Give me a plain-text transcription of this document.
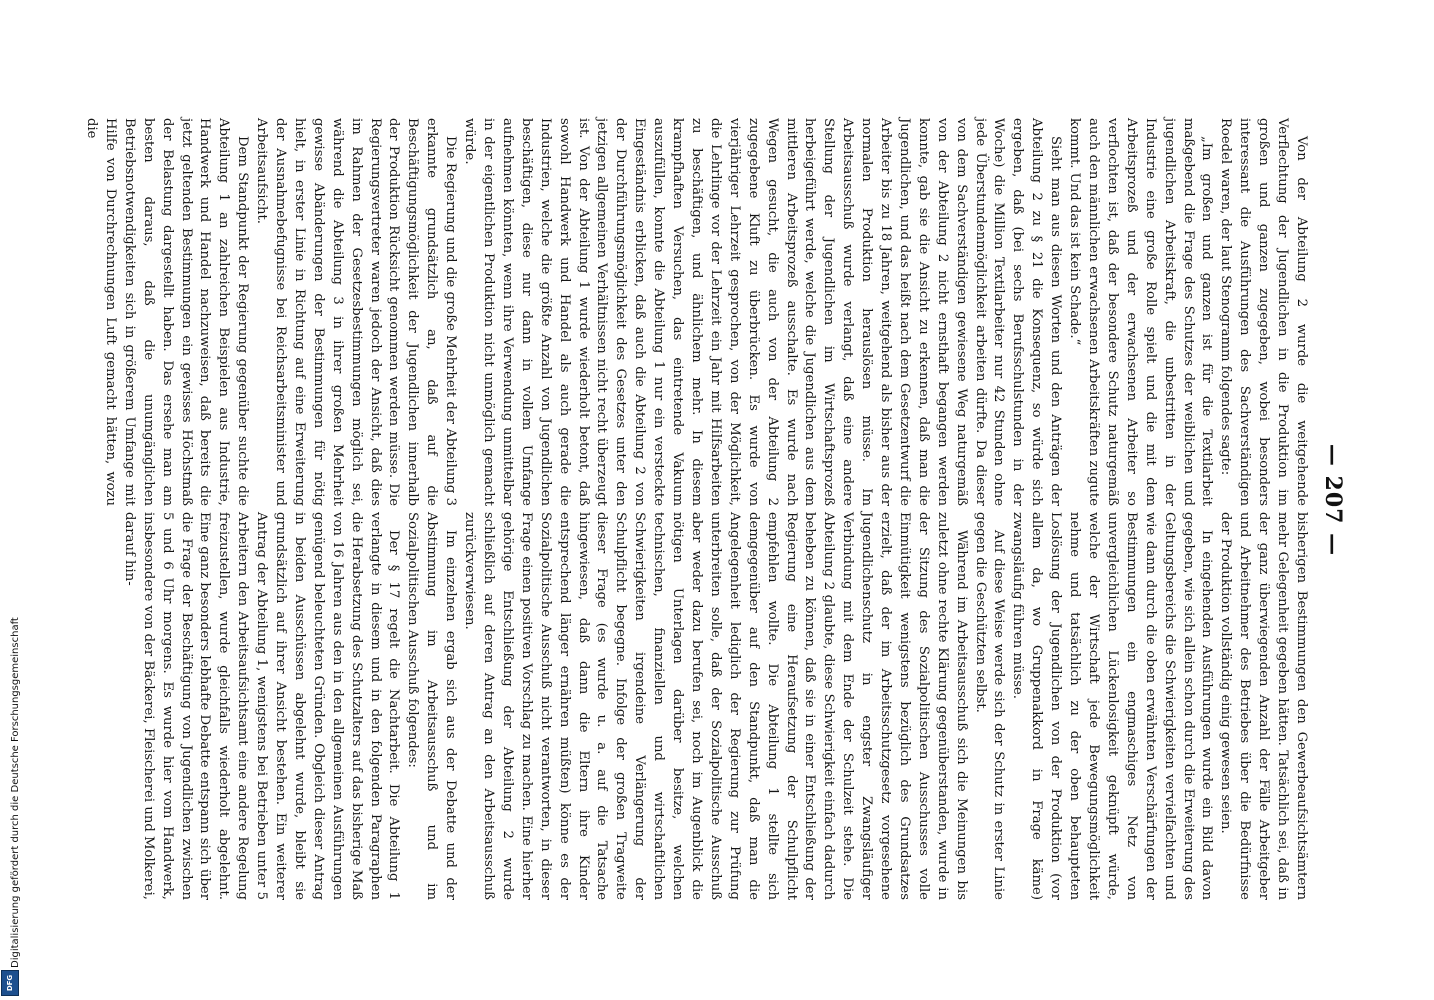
— 207 —

Von der Abteilung 2 wurde die weitgehende Verflechtung der Jugendlichen in die Produktion im großen und ganzen zugegeben, wobei besonders interessant die Ausführungen des Sachverständigen Roedel waren, der laut Stenogramm folgendes sagte:

„Im großen und ganzen ist für die Textilarbeit maßgebend die Frage des Schutzes der weiblichen und jugendlichen Arbeitskraft, die unbestritten in der Industrie eine große Rolle spielt und die mit dem Arbeitsprozeß und der erwachsenen Arbeiter so verflochten ist, daß der besondere Schutz naturgemäß auch den männlichen erwachsenen Arbeitskräften zugute kommt. Und das ist kein Schade.“

Sieht man aus diesen Worten und den Anträgen der Abteilung 2 zu § 21 die Konsequenz, so würde sich ergeben, daß (bei sechs Berufsschulstunden in der Woche) die Million Textilarbeiter nur 42 Stunden ohne jede Überstundenmöglichkeit arbeiten dürfte. Da dieser von dem Sachverständigen gewiesene Weg naturgemäß von der Abteilung 2 nicht ernsthaft begangen werden konnte, gab sie die Ansicht zu erkennen, daß man die Jugendlichen, und das heißt nach dem Gesetzentwurf die Arbeiter bis zu 18 Jahren, weitgehend als bisher aus der normalen Produktion herauslösen müsse. Im Arbeitsausschuß wurde verlangt, daß eine andere Stellung der Jugendlichen im Wirtschaftsprozeß herbeigeführt werde, welche die Jugendlichen aus dem mittleren Arbeitsprozeß ausschalte. Es wurde nach Wegen gesucht, die auch von der Abteilung 2 zugegebene Kluft zu überbrücken. Es wurde von vierjähriger Lehrzeit gesprochen, von der Möglichkeit, die Lehrlinge vor der Lehrzeit ein Jahr mit Hilfsarbeiten zu beschäftigen, und ähnlichem mehr. In diesem krampfhaften Versuchen, das eintretende Vakuum auszufüllen, konnte die Abteilung 1 nur ein versteckte Eingeständnis erblicken, daß auch die Abteilung 2 von der Durchführungsmöglichkeit des Gesetzes unter den jetzigen allgemeinen Verhältnissen nicht recht überzeugt ist. Von der Abteilung 1 wurde wiederholt betont, daß sowohl Handwerk und Handel als auch gerade die Industrien, welche die größte Anzahl von Jugendlichen beschäftigen, diese nur dann in vollem Umfange aufnehmen könnten, wenn ihre Verwendung unmittelbar in der eigentlichen Produktion nicht unmöglich gemacht würde.

Die Regierung und die große Mehrheit der Abteilung 3 erkannte grundsätzlich an, daß auf die Beschäftigungsmöglichkeit der Jugendlichen innerhalb der Produktion Rücksicht genommen werden müsse. Die Regierungsvertreter waren jedoch der Ansicht, daß dies im Rahmen der Gesetzesbestimmungen möglich sei, während die Abteilung 3 in ihrer großen Mehrheit gewisse Abänderungen der Bestimmungen für nötig hielt, in erster Linie in Richtung auf eine Erweiterung der Ausnahmebefugnisse bei Reichsarbeitsminister und Arbeitsaufsicht.

Dem Standpunkt der Regierung gegenüber suchte die Abteilung 1 an zahlreichen Beispielen aus Industrie, Handwerk und Handel nachzuweisen, daß bereits die jetzt geltenden Bestimmungen ein gewisses Höchstmaß der Belastung dargestellt haben. Das ersehe man am besten daraus, daß die unumgänglichen Betriebsnotwendigkeiten sich in größerem Umfange mit Hilfe von Durchrechnungen Luft gemacht hätten, wozu die

bisherigen Bestimmungen den Gewerbeaufsichtsämtern mehr Gelegenheit gegeben hätten. Tatsächlich sei, daß in der ganz überwiegenden Anzahl der Fälle Arbeitgeber und Arbeitnehmer des Betriebes über die Bedürfnisse der Produktion vollständig einig gewesen seien.

In eingehenden Ausführungen wurde ein Bild davon gegeben, wie sich allein schon durch die Erweiterung des Geltungsbereichs die Schwierigkeiten vervielfachten und wie dann durch die oben erwähnten Verschärfungen der Bestimmungen ein engmaschiges Netz von unvergleichlichen Lückenlosigkeit geknüpft würde, welche der Wirtschaft jede Bewegungsmöglichkeit nehme und tatsächlich zu der oben behaupteten Loslösung der Jugendlichen von der Produktion (vor allem da, wo Gruppenakkord in Frage käme) zwangsläufig führen müsse.

Auf diese Weise werde sich der Schutz in erster Linie gegen die Geschützten selbst.

Während im Arbeitsausschuß sich die Meinungen bis zuletzt ohne rechte Klärung gegenüberstanden, wurde in der Sitzung des Sozialpolitischen Ausschusses volle Einmütigkeit wenigstens bezüglich des Grundsatzes erzielt, daß der im Arbeitsschutzgesetz vorgesehene Jugendlichenschutz in engster Zwangsläufiger Verbindung mit dem Ende der Schulzeit stehe. Die Abteilung 2 glaubte, diese Schwierigkeit einfach dadurch beheben zu können, daß sie in einer Entschließung der Regierung eine Heraufsetzung der Schulpflicht empfehlen wollte. Die Abteilung 1 stellte sich demgegenüber auf den Standpunkt, daß man die Angelegenheit lediglich der Regierung zur Prüfung unterbreiten solle, daß der Sozialpolitische Ausschuß aber weder dazu berufen sei, noch im Augenblick die nötigen Unterlagen darüber besitze, welchen technischen, finanziellen und wirtschaftlichen Schwierigkeiten irgendeine Verlängerung der Schulpflicht begegne. Infolge der großen Tragweite dieser Frage (es wurde u. a. auf die Tatsache hingewiesen, daß dann die Eltern ihre Kinder entsprechend länger ernähren müßten) könne es der Sozialpolitische Ausschuß nicht verantworten, in dieser Frage einen positiven Vorschlag zu machen. Eine hierher gehörige Entschließung der Abteilung 2 wurde schließlich auf deren Antrag an den Arbeitsausschuß zurückverwiesen.

Im einzelnen ergab sich aus der Debatte und der Abstimmung im Arbeitsausschuß und im Sozialpolitischen Ausschuß folgendes:

Der § 17 regelt die Nachtarbeit. Die Abteilung 1 verlangte in diesem und in den folgenden Paragraphen die Herabsetzung des Schutzalters auf das bisherige Maß von 16 Jahren aus den in den allgemeinen Ausführungen genügend beleuchteten Gründen. Obgleich dieser Antrag in beiden Ausschüssen abgelehnt wurde, bleibt sie grundsätzlich auf ihrer Ansicht bestehen. Ein weiterer Antrag der Abteilung 1, wenigstens bei Betrieben unter 5 Arbeitern den Arbeitsaufsichtsamt eine andere Regelung freizustellen, wurde gleichfalls wiederholt abgelehnt. Eine ganz besonders lebhafte Debatte entspann sich über die Frage der Beschäftigung von Jugendlichen zwischen 5 und 6 Uhr morgens. Es wurde hier vom Handwerk, insbesondere von der Bäckerei, Fleischerei und Molkerei, darauf hin-

Digitalisierung gefördert durch die Deutsche Forschungsgemeinschaft
DFG
